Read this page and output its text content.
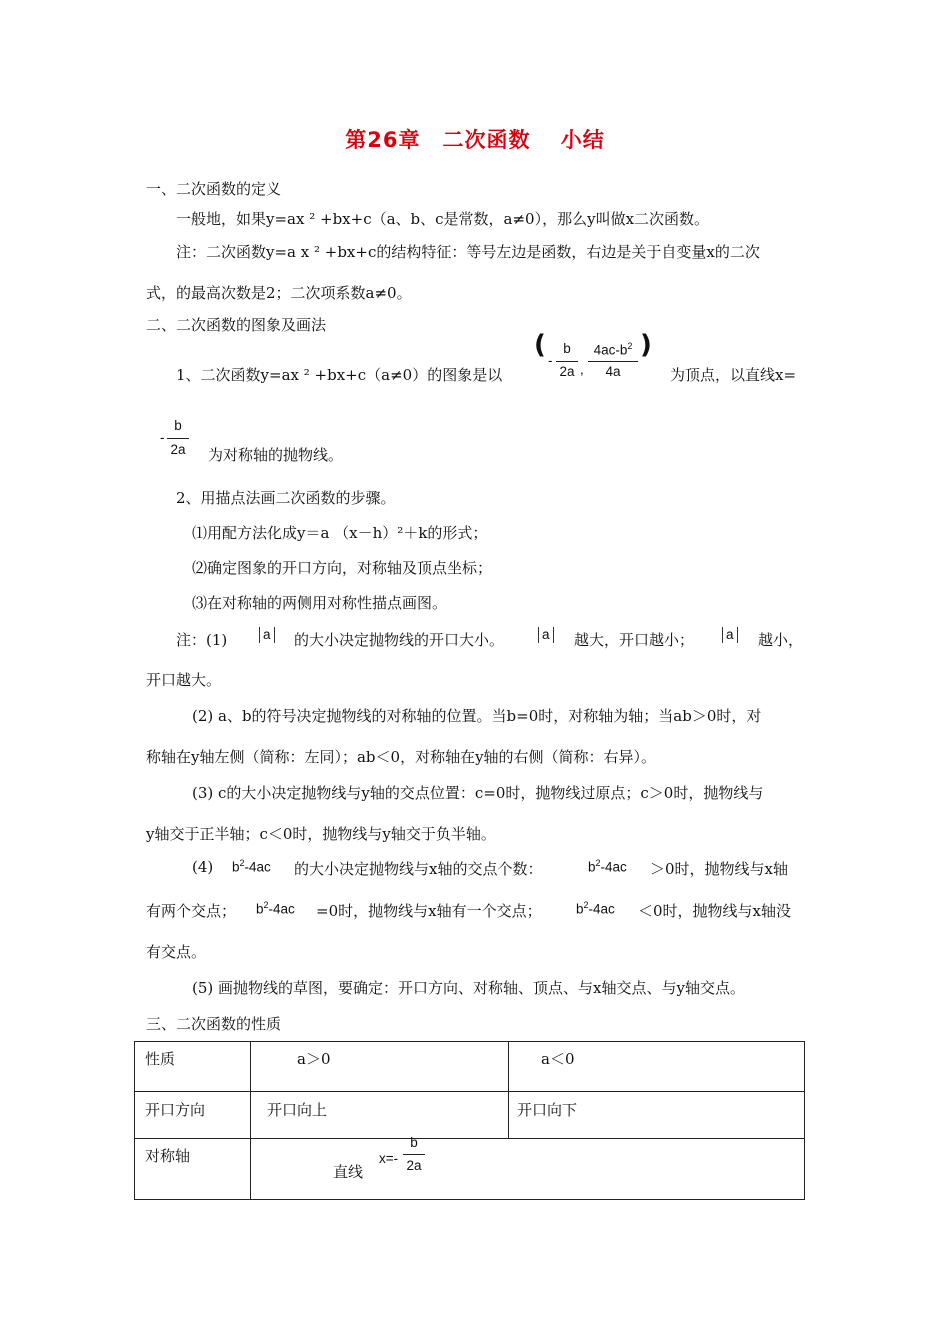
第26章　二次函数　 小结
一、二次函数的定义
一般地，如果y=ax ² +bx+c（a、b、c是常数，a≠0），那么y叫做x二次函数。
注：二次函数y=a x ² +bx+c的结构特征：等号左边是函数，右边是关于自变量x的二次
式，的最高次数是2；二次项系数a≠0。
二、二次函数的图象及画法
1、二次函数y=ax ² +bx+c（a≠0）的图象是以
(	)
-
b
2a ,
$4ac-b^2$
4a	为顶点，以直线x=
-
b
2a	为对称轴的抛物线。
2、用描点法画二次函数的步骤。
⑴用配方法化成y＝a （x－h）²＋k的形式；
⑵确定图象的开口方向，对称轴及顶点坐标；
⑶在对称轴的两侧用对称性描点画图。
注：(1)	a 的大小决定抛物线的开口大小。	a 越大，开口越小； a 越小，
开口越大。
(2) a、b的符号决定抛物线的对称轴的位置。当b=0时，对称轴为轴；当ab＞0时，对
称轴在y轴左侧（简称：左同）；ab＜0，对称轴在y轴的右侧（简称：右异）。
(3) c的大小决定抛物线与y轴的交点位置：c=0时，抛物线过原点；c＞0时，抛物线与
y轴交于正半轴；c＜0时，抛物线与y轴交于负半轴。
(4) $b^2-4ac$ 的大小决定抛物线与x轴的交点个数：	$b^2-4ac >0$时，抛物线与x轴
有两个交点； $b^2-4ac =0$时，抛物线与x轴有一个交点；	$b^2-4ac <0$时，抛物线与x轴没
有交点。
(5) 画抛物线的草图，要确定：开口方向、对称轴、顶点、与x轴交点、与y轴交点。
三、二次函数的性质
性质	a＞0	a＜0

开口方向	开口向上	开口向下

对称轴	直线
x=-
b
2a	
